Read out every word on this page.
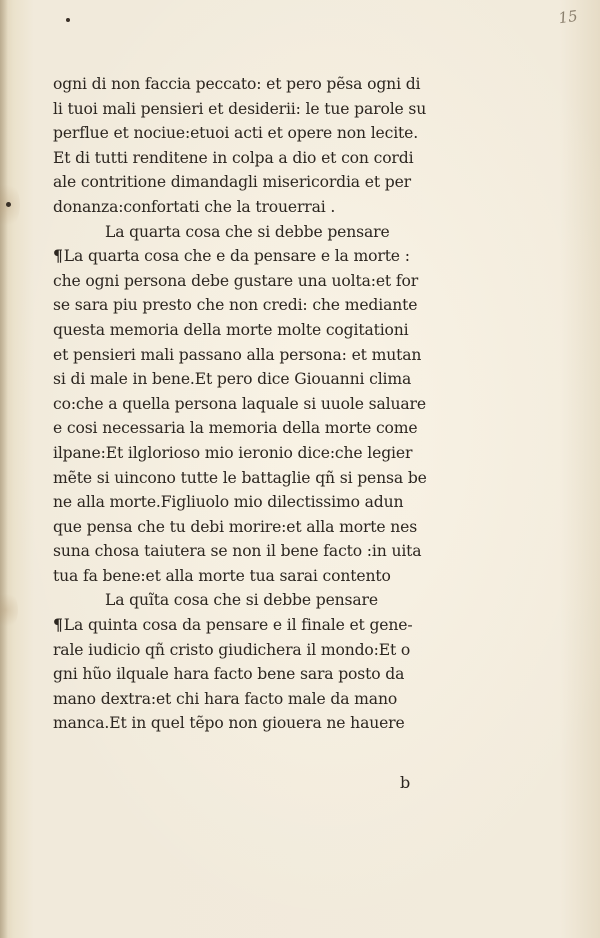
15
ogni di non faccia peccato: et pero pẽsa ogni di
li tuoi mali pensieri et desiderii: le tue parole su
perflue et nociue:etuoi acti et opere non lecite.
Et di tutti renditene in colpa a dio et con cordi
ale contritione dimandagli misericordia et per
donanza:confortati che la trouerrai .
La quarta cosa che si debbe pensare
¶La quarta cosa che e da pensare e la morte :
che ogni persona debe gustare una uolta:et for
se sara piu presto che non credi: che mediante
questa memoria della morte molte cogitationi
et pensieri mali passano alla persona: et mutan
si di male in bene.Et pero dice Giouanni clima
co:che a quella persona laquale si uuole saluare
e cosi necessaria la memoria della morte come
ilpane:Et ilglorioso mio ieronio dice:che legier
mẽte si uincono tutte le battaglie qñ si pensa be
ne alla morte.Figliuolo mio dilectissimo adun
que pensa che tu debi morire:et alla morte nes
suna chosa taiutera se non il bene facto :in uita
tua fa bene:et alla morte tua sarai contento
La quĩta cosa che si debbe pensare
¶La quinta cosa da pensare e il finale et gene-
rale iudicio qñ cristo giudichera il mondo:Et o
gni hũo ilquale hara facto bene sara posto da
mano dextra:et chi hara facto male da mano
manca.Et in quel tẽpo non giouera ne hauere
b
